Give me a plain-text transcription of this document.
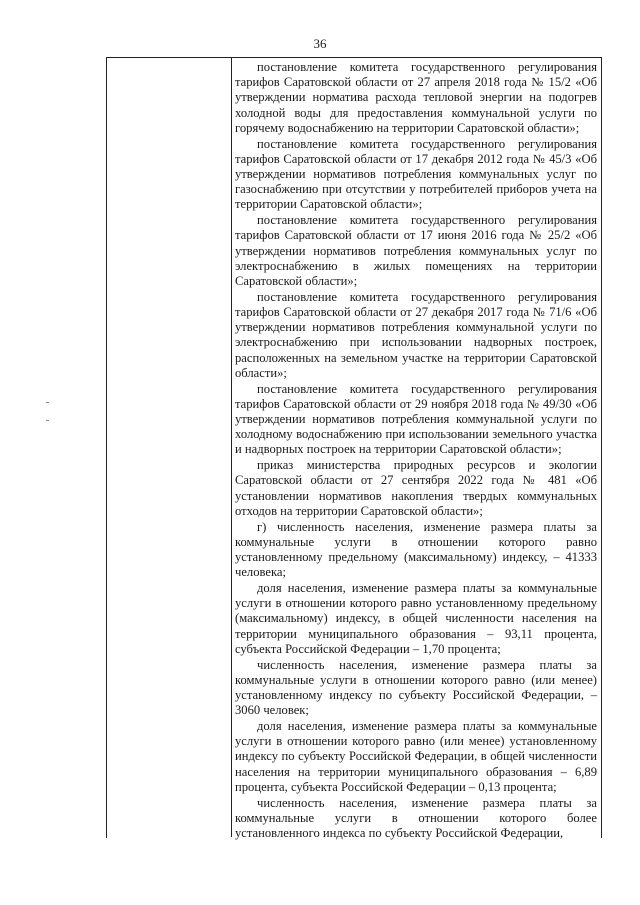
36

постановление комитета государственного регулирования тарифов Саратовской области от 27 апреля 2018 года № 15/2 «Об утверждении норматива расхода тепловой энергии на подогрев холодной воды для предоставления коммунальной услуги по горячему водоснабжению на территории Саратовской области»;

постановление комитета государственного регулирования тарифов Саратовской области от 17 декабря 2012 года № 45/3 «Об утверждении нормативов потребления коммунальных услуг по газоснабжению при отсутствии у потребителей приборов учета на территории Саратовской области»;

постановление комитета государственного регулирования тарифов Саратовской области от 17 июня 2016 года № 25/2 «Об утверждении нормативов потребления коммунальных услуг по электроснабжению в жилых помещениях на территории Саратовской области»;

постановление комитета государственного регулирования тарифов Саратовской области от 27 декабря 2017 года № 71/6 «Об утверждении нормативов потребления коммунальной услуги по электроснабжению при использовании надворных построек, расположенных на земельном участке на территории Саратовской области»;

постановление комитета государственного регулирования тарифов Саратовской области от 29 ноября 2018 года № 49/30 «Об утверждении нормативов потребления коммунальной услуги по холодному водоснабжению при использовании земельного участка и надворных построек на территории Саратовской области»;

приказ министерства природных ресурсов и экологии Саратовской области от 27 сентября 2022 года № 481 «Об установлении нормативов накопления твердых коммунальных отходов на территории Саратовской области»;

г) численность населения, изменение размера платы за коммунальные услуги в отношении которого равно установленному предельному (максимальному) индексу, – 41333 человека;

доля населения, изменение размера платы за коммунальные услуги в отношении которого равно установленному предельному (максимальному) индексу, в общей численности населения на территории муниципального образования – 93,11 процента, субъекта Российской Федерации – 1,70 процента;

численность населения, изменение размера платы за коммунальные услуги в отношении которого равно (или менее) установленному индексу по субъекту Российской Федерации, – 3060 человек;

доля населения, изменение размера платы за коммунальные услуги в отношении которого равно (или менее) установленному индексу по субъекту Российской Федерации, в общей численности населения на территории муниципального образования – 6,89 процента, субъекта Российской Федерации – 0,13 процента;

численность населения, изменение размера платы за коммунальные услуги в отношении которого более установленного индекса по субъекту Российской Федерации,
